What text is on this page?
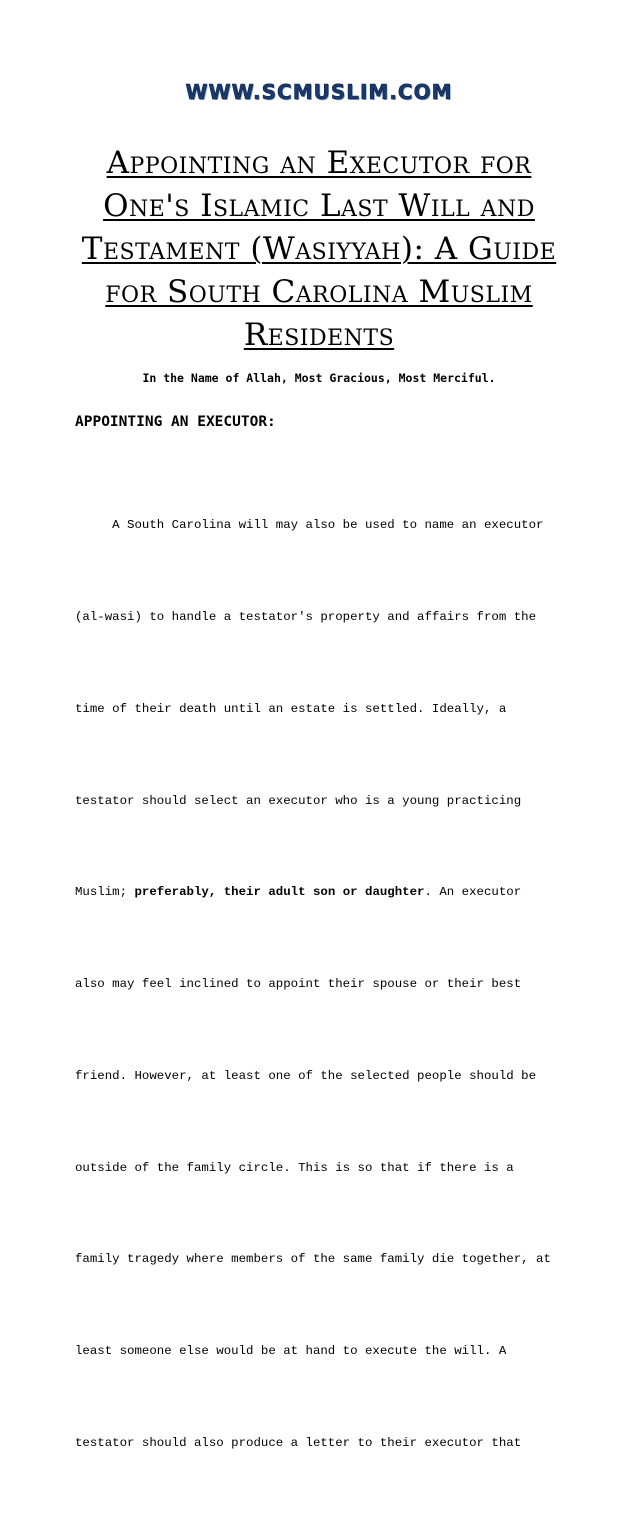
WWW.SCMUSLIM.COM
Appointing an Executor for One's Islamic Last Will and Testament (Wasiyyah): A Guide for South Carolina Muslim Residents
In the Name of Allah, Most Gracious, Most Merciful.
APPOINTING AN EXECUTOR:

A South Carolina will may also be used to name an executor

(al-wasi) to handle a testator's property and affairs from the

time of their death until an estate is settled. Ideally, a

testator should select an executor who is a young practicing

Muslim; preferably, their adult son or daughter. An executor

also may feel inclined to appoint their spouse or their best

friend. However, at least one of the selected people should be

outside of the family circle. This is so that if there is a

family tragedy where members of the same family die together, at

least someone else would be at hand to execute the will. A

testator should also produce a letter to their executor that
